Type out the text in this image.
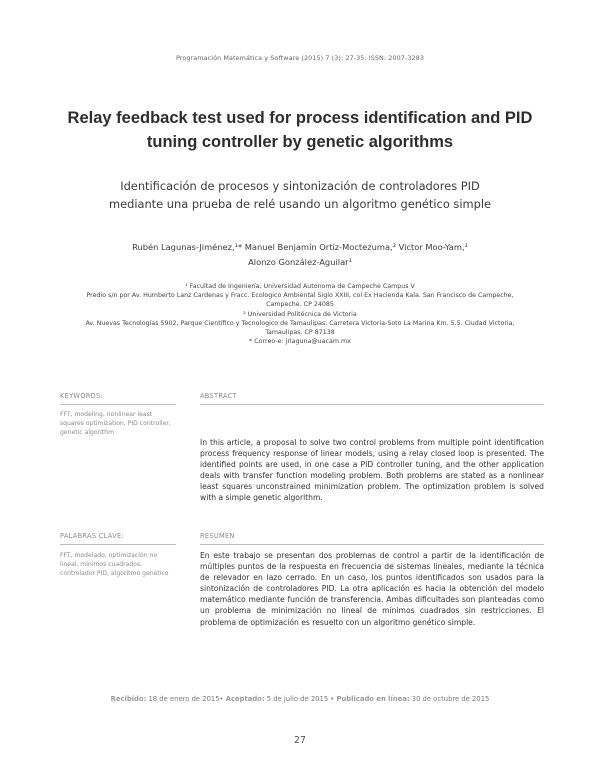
Programación Matemática y Software (2015) 7 (3): 27-35. ISSN: 2007-3283
Relay feedback test used for process identification and PID tuning controller by genetic algorithms
Identificación de procesos y sintonización de controladores PID mediante una prueba de relé usando un algoritmo genético simple
Rubén Lagunas-Jiménez,¹* Manuel Benjamín Ortíz-Moctezuma,² Victor Moo-Yam,¹
Alonzo González-Aguilar¹
¹ Facultad de Ingeniería, Universidad Autonoma de Campeche Campus V
Predio s/n por Av. Humberto Lanz Cardenas y Fracc. Ecologico Ambiental Siglo XXIII, col Ex Hacienda Kala. San Francisco de Campeche,
Campeche. CP 24085
² Universidad Politécnica de Victoria
Av. Nuevas Tecnologías 5902, Parque Científico y Tecnologico de Tamaulipas, Carretera Victoria-Soto La Marina Km. 5.5. Ciudad Victoria,
Tamaulipas. CP 87138
* Correo-e: jrlaguna@uacam.mx
KEYWORDS:
FFT, modeling, nonlinear least squares optimization, PID controller, genetic algorithm
ABSTRACT
In this article, a proposal to solve two control problems from multiple point identification process frequency response of linear models, using a relay closed loop is presented. The identified points are used, in one case a PID controller tuning, and the other application deals with transfer function modeling problem. Both problems are stated as a nonlinear least squares unconstrained minimization problem. The optimization problem is solved with a simple genetic algorithm.
PALABRAS CLAVE:
FFT, modelado, optimización no lineal, mínimos cuadrados, controlador PID, algoritmo genético
RESUMEN
En este trabajo se presentan dos problemas de control a partir de la identificación de múltiples puntos de la respuesta en frecuencia de sistemas lineales, mediante la técnica de relevador en lazo cerrado. En un caso, los puntos identificados son usados para la sintonización de controladores PID. La otra aplicación es hacia la obtención del modelo matemático mediante función de transferencia. Ambas dificultades son planteadas como un problema de minimización no lineal de mínimos cuadrados sin restricciones. El problema de optimización es resuelto con un algoritmo genético simple.
Recibido: 18 de enero de 2015• Aceptado: 5 de julio de 2015 • Publicado en línea: 30 de octubre de 2015
27
